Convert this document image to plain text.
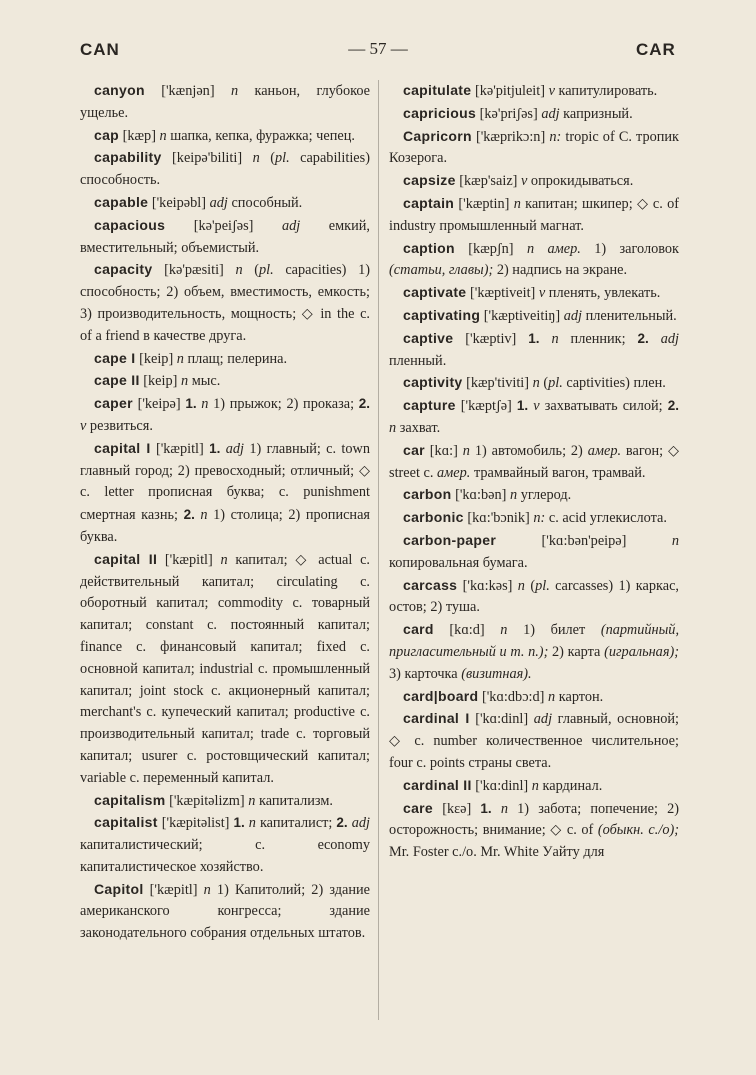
CAN	— 57 —	CAR

canyon ['kænjən] n каньон, глубокое ущелье.

cap [kæp] n шапка, кепка, фуражка; чепец.

capability [keipə'biliti] n (pl. capabilities) способность.

capable ['keipəbl] adj способный.

capacious [kə'peiʃəs] adj емкий, вместительный; объемистый.

capacity [kə'pæsiti] n (pl. capacities) 1) способность; 2) объем, вместимость, емкость; 3) производительность, мощность; ◇ in the c. of a friend в качестве друга.

cape I [keip] n плащ; пелерина.

cape II [keip] n мыс.

caper ['keipə] 1. n 1) прыжок; 2) проказа; 2. v резвиться.

capital I ['kæpitl] 1. adj 1) главный; c. town главный город; 2) превосходный; отличный; ◇ c. letter прописная буква; c. punishment смертная казнь; 2. n 1) столица; 2) прописная буква.

capital II ['kæpitl] n капитал; ◇ actual c. действительный капитал; circulating c. оборотный капитал; commodity c. товарный капитал; constant c. постоянный капитал; finance c. финансовый капитал; fixed c. основной капитал; industrial c. промышленный капитал; joint stock c. акционерный капитал; merchant's c. купеческий капитал; productive c. производительный капитал; trade c. торговый капитал; usurer c. ростовщический капитал; variable c. переменный капитал.

capitalism ['kæpitəlizm] n капитализм.

capitalist ['kæpitəlist] 1. n капиталист; 2. adj капиталистический; c. economy капиталистическое хозяйство.

Capitol ['kæpitl] n 1) Капитолий; 2) здание американского конгресса; здание законодательного собрания отдельных штатов.

capitulate [kə'pitjuleit] v капитулировать.

capricious [kə'priʃəs] adj капризный.

Capricorn ['kæprikɔ:n] n: tropic of C. тропик Козерога.

capsize [kæp'saiz] v опрокидываться.

captain ['kæptin] n капитан; шкипер; ◇ c. of industry промышленный магнат.

caption [kæpʃn] n амер. 1) заголовок (статьи, главы); 2) надпись на экране.

captivate ['kæptiveit] v пленять, увлекать.

captivating ['kæptiveitiŋ] adj пленительный.

captive ['kæptiv] 1. n пленник; 2. adj пленный.

captivity [kæp'tiviti] n (pl. captivities) плен.

capture ['kæptʃə] 1. v захватывать силой; 2. n захват.

car [kɑ:] n 1) автомобиль; 2) амер. вагон; ◇ street c. амер. трамвайный вагон, трамвай.

carbon ['kɑ:bən] n углерод.

carbonic [kɑ:'bɔnik] n: c. acid углекислота.

carbon-paper	['kɑ:bən'peipə] n копировальная бумага.

carcass ['kɑ:kəs] n (pl. carcasses) 1) каркас, остов; 2) туша.

card [kɑ:d] n 1) билет (партийный, пригласительный и т. п.); 2) карта (игральная); 3) карточка (визитная).

card|board ['kɑ:dbɔ:d] n картон.

cardinal I ['kɑ:dinl] adj главный, основной; ◇ c. number количественное числительное; four c. points страны света.

cardinal II ['kɑ:dinl] n кардинал.

care [kɛə] 1. n 1) забота; попечение; 2) осторожность; внимание; ◇ c. of (обыкн. c./o); Mr. Foster c./o. Mr. White Уайту для
